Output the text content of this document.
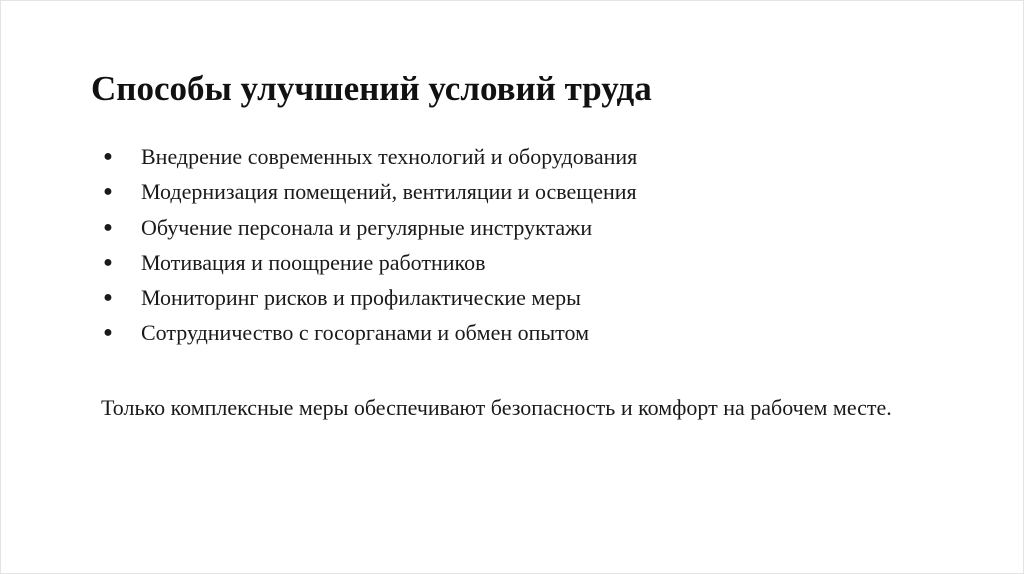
Способы улучшений условий труда
● Внедрение современных технологий и оборудования
● Модернизация помещений, вентиляции и освещения
● Обучение персонала и регулярные инструктажи
● Мотивация и поощрение работников
● Мониторинг рисков и профилактические меры
● Сотрудничество с госорганами и обмен опытом

Только комплексные меры обеспечивают безопасность и комфорт на рабочем месте.
